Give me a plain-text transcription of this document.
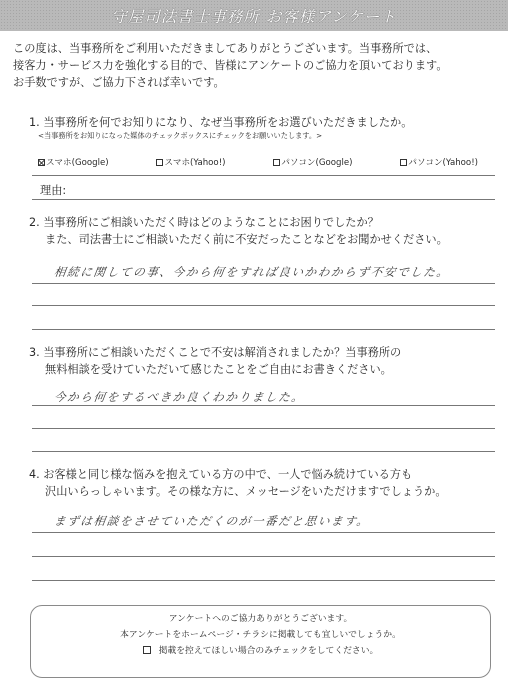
守屋司法書士事務所 お客様アンケート
この度は、当事務所をご利用いただきましてありがとうございます。当事務所では、
接客力・サービス力を強化する目的で、皆様にアンケートのご協力を頂いております。
お手数ですが、ご協力下されば幸いです。
1. 当事務所を何でお知りになり、なぜ当事務所をお選びいただきましたか。
<当事務所をお知りになった媒体のチェックボックスにチェックをお願いいたします。>
スマホ(Google)	スマホ(Yahoo!)	パソコン(Google)	パソコン(Yahoo!)
理由:
2. 当事務所にご相談いただく時はどのようなことにお困りでしたか？
また、司法書士にご相談いただく前に不安だったことなどをお聞かせください。
相続に関しての事、今から何をすれば良いかわからず不安でした。
3. 当事務所にご相談いただくことで不安は解消されましたか？当事務所の
無料相談を受けていただいて感じたことをご自由にお書きください。
今から何をするべきか良くわかりました。
4. お客様と同じ様な悩みを抱えている方の中で、一人で悩み続けている方も
沢山いらっしゃいます。その様な方に、メッセージをいただけますでしょうか。
まずは相談をさせていただくのが一番だと思います。
アンケートへのご協力ありがとうございます。
本アンケートをホームページ・チラシに掲載しても宜しいでしょうか。
掲載を控えてほしい場合のみチェックをしてください。
